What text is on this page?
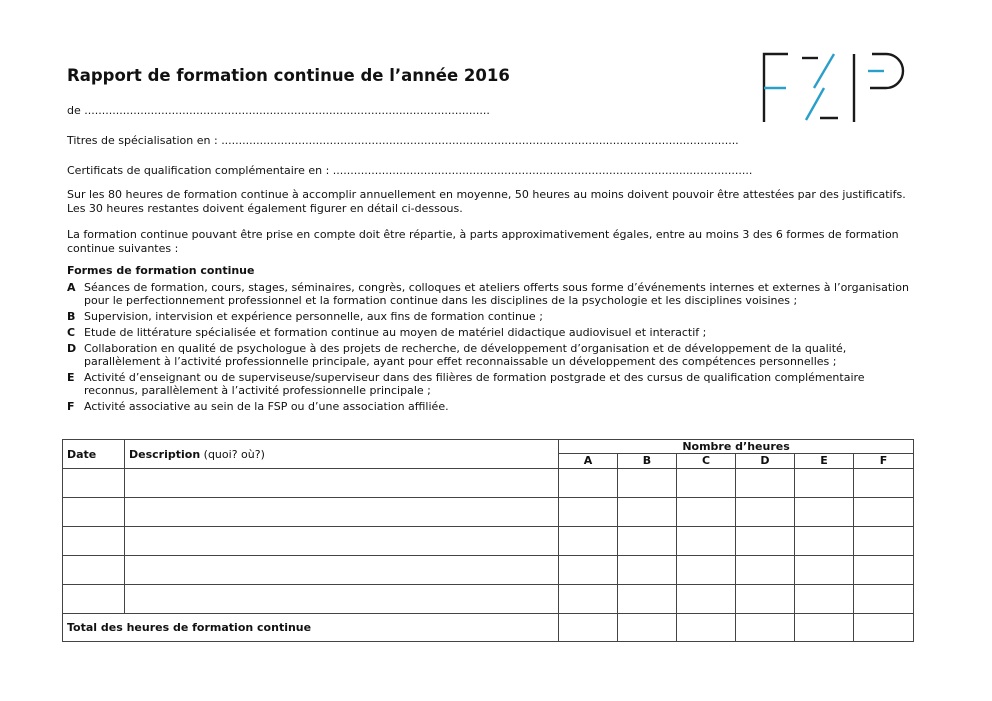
Rapport de formation continue de l’année 2016
de ....................................................................................................................
Titres de spécialisation en : ....................................................................................................................................................
Certificats de qualification complémentaire en : ........................................................................................................................
Sur les 80 heures de formation continue à accomplir annuellement en moyenne, 50 heures au moins doivent pouvoir être attestées par des justificatifs. Les 30 heures restantes doivent également figurer en détail ci-dessous.
La formation continue pouvant être prise en compte doit être répartie, à parts approximativement égales, entre au moins 3 des 6 formes de formation continue suivantes :
Formes de formation continue
A Séances de formation, cours, stages, séminaires, congrès, colloques et ateliers offerts sous forme d’événements internes et externes à l’organisation pour le perfectionnement professionnel et la formation continue dans les disciplines de la psychologie et les disciplines voisines ;
B Supervision, intervision et expérience personnelle, aux fins de formation continue ;
C Etude de littérature spécialisée et formation continue au moyen de matériel didactique audiovisuel et interactif ;
D Collaboration en qualité de psychologue à des projets de recherche, de développement d’organisation et de développement de la qualité, parallèlement à l’activité professionnelle principale, ayant pour effet reconnaissable un développement des compétences personnelles ;
E Activité d’enseignant ou de superviseuse/superviseur dans des filières de formation postgrade et des cursus de qualification complémentaire reconnus, parallèlement à l’activité professionnelle principale ;
F Activité associative au sein de la FSP ou d’une association affiliée.
Date	Description (quoi? où?)	Nombre d’heures					
		A	B	C	D	E	F

Total des heures de formation continue							
